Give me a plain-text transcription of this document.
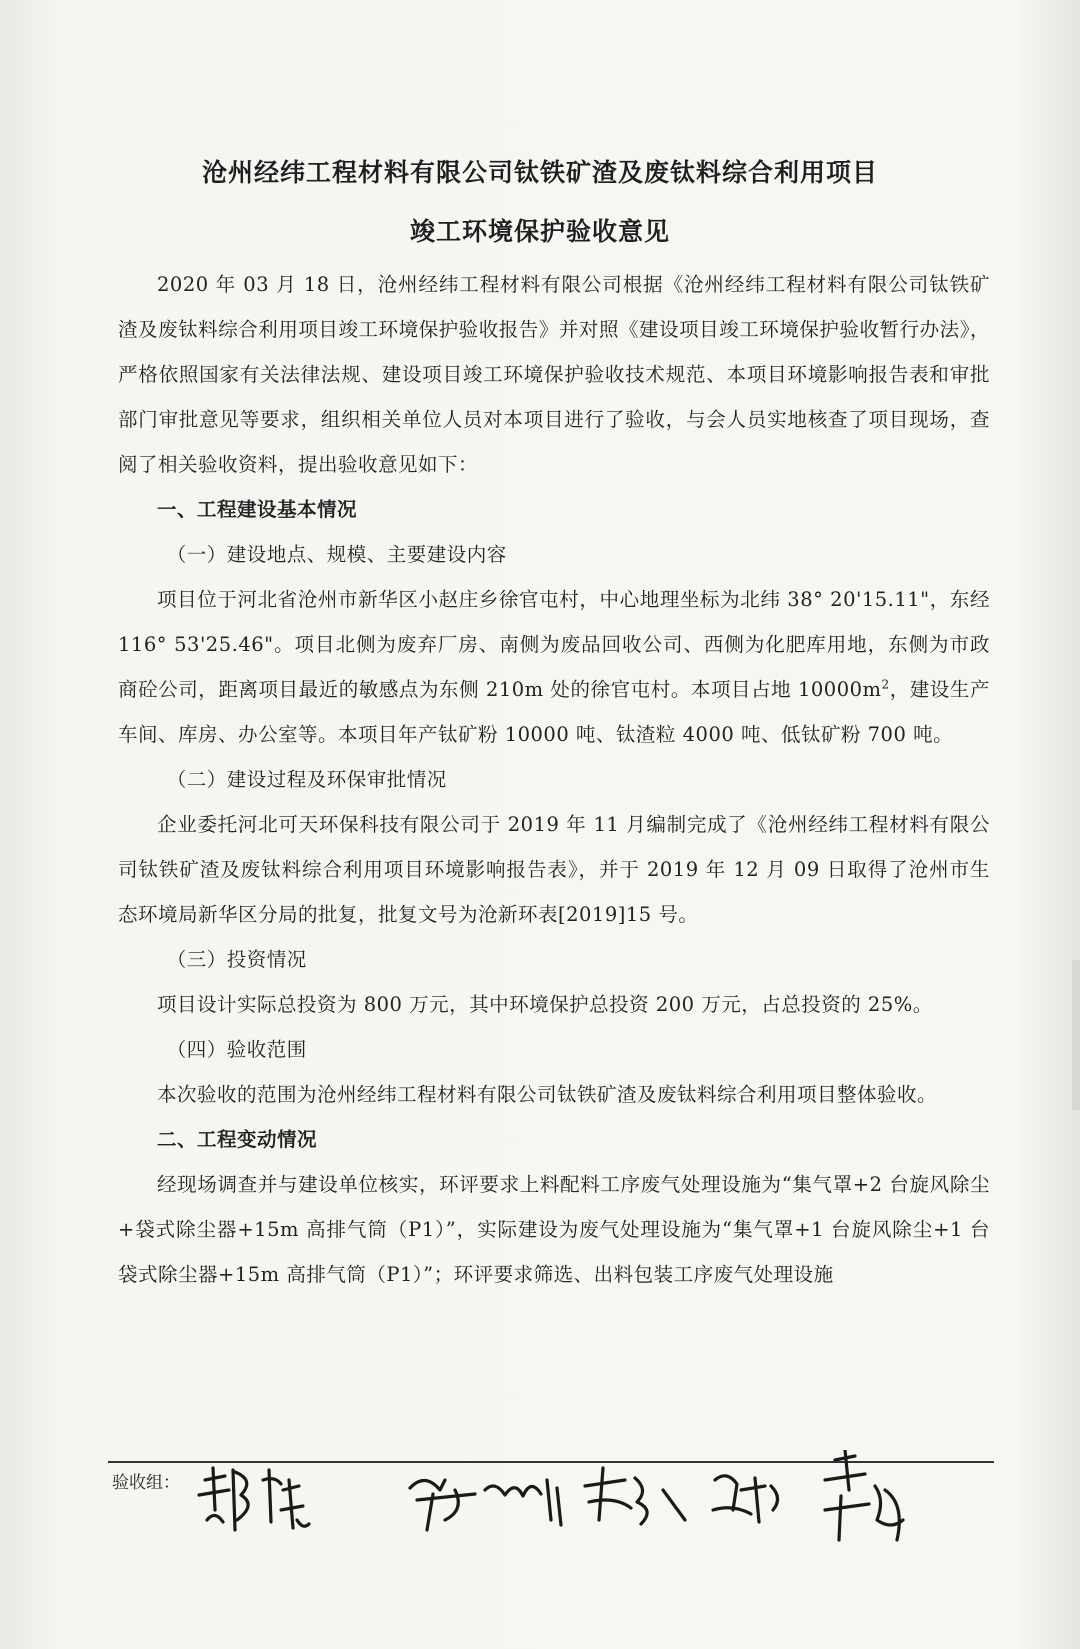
沧州经纬工程材料有限公司钛铁矿渣及废钛料综合利用项目
竣工环境保护验收意见

2020 年 03 月 18 日，沧州经纬工程材料有限公司根据《沧州经纬工程材料有限公司钛铁矿渣及废钛料综合利用项目竣工环境保护验收报告》并对照《建设项目竣工环境保护验收暂行办法》，严格依照国家有关法律法规、建设项目竣工环境保护验收技术规范、本项目环境影响报告表和审批部门审批意见等要求，组织相关单位人员对本项目进行了验收，与会人员实地核查了项目现场，查阅了相关验收资料，提出验收意见如下：

一、工程建设基本情况

（一）建设地点、规模、主要建设内容

项目位于河北省沧州市新华区小赵庄乡徐官屯村，中心地理坐标为北纬 38° 20'15.11"，东经 116° 53'25.46"。项目北侧为废弃厂房、南侧为废品回收公司、西侧为化肥库用地，东侧为市政商砼公司，距离项目最近的敏感点为东侧 210m 处的徐官屯村。本项目占地 $10000m^2$，建设生产车间、库房、办公室等。本项目年产钛矿粉 10000 吨、钛渣粒 4000 吨、低钛矿粉 700 吨。

（二）建设过程及环保审批情况

企业委托河北可天环保科技有限公司于 2019 年 11 月编制完成了《沧州经纬工程材料有限公司钛铁矿渣及废钛料综合利用项目环境影响报告表》，并于 2019 年 12 月 09 日取得了沧州市生态环境局新华区分局的批复，批复文号为沧新环表[2019]15 号。

（三）投资情况

项目设计实际总投资为 800 万元，其中环境保护总投资 200 万元，占总投资的 25%。

（四）验收范围

本次验收的范围为沧州经纬工程材料有限公司钛铁矿渣及废钛料综合利用项目整体验收。

二、工程变动情况

经现场调查并与建设单位核实，环评要求上料配料工序废气处理设施为“集气罩+2 台旋风除尘+袋式除尘器+15m 高排气筒（P1）”，实际建设为废气处理设施为“集气罩+1 台旋风除尘+1 台袋式除尘器+15m 高排气筒（P1）”；环评要求筛选、出料包装工序废气处理设施

验收组：
